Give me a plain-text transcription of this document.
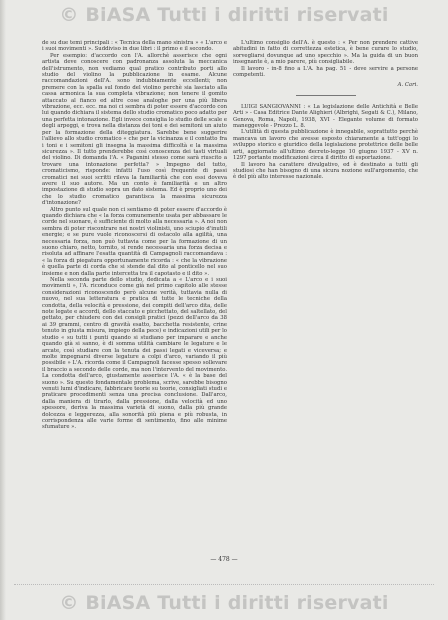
© BiASA Tutti i diritti riservati

de su due temi principali : « Tecnica della mano sinistra » « L'arco e i suoi movimenti ». Suddiviso in due libri : il primo e il secondo.

Per esempio: d'accordo con l'A. allorchè asserisce che ogni artista deve conoscere con padronanza assoluta la meccanica dell'istrumento, non vediamo qual pratico contributo porti allo studio del violino la pubblicazione in esame. Alcune raccomandazioni dell'A. sono indubbiamente eccellenti; non premere con la spalla sul fondo del violino perchè sia lasciato alla cassa armonica la sua completa vibrazione; non tenere il gomito attaccato al fianco ed altre cose analoghe per una più libera vibrazione, ecc. ecc. ma noi ci sembra di poter essere d'accordo con lui quando dichiara il sistema dello studio cromatico poco adatto per una perfetta intonazione. Egli invece consiglia lo studio delle scale e degli arpeggi, e trova nella distanza dei toni e dei semitoni un aiuto per la formazione della diteggiatura. Sarebbe bene suggerire l'allievo allo studio cromatico « che per la vicinanza e il contatto fra i toni e i semitoni gli insegna la massima difficoltà e la massima sicurezza ». Il tutto prenderebbe così conoscenza dei tasti virtuali del violino. Di domanda l'A. « Paganini stesso come sarà riuscito a trovare una intonazione perfetta? » Impegno del tutto, cromaticismo, risponde: infatti l'uso così frequente di passi cromatici nei suoi scritti rileva la familiarità che con essi doveva avere il suo autore. Ma un conto è familiarità e un altro impostazione di studio sopra un dato sistema. Ed è proprio uno dei che lo studio cromatico garantisca la massima sicurezza d'intonazione?

Altro punto sul quale non ci sentiamo di poter essere d'accordo è quando dichiara che « la forza comunemente usata per abbassare le corde nel suonare, è sufficiente di molto alla necessaria ». A noi non sembra di poter riscontrare nei nostri violinisti, uno sciupio d'inutili energie; e se pure vuole riconoscersi di ostacolo alla agilità, una necessaria forza, non può tuttavia come per la formazione di un suono chiaro, netto, tornito, si rende necessaria una forza decisa e risoluta ad affinare l'esatta quantità di Campagnoli raccomandava : « la forza di piegatura opportunamente ricorda : « che la vibrazione è quella parte di corda che si stende dal dito al ponticello nel suo insieme e non dalla parte intercetta tra il capotasto e il dito ».

Nella seconda parte dello studio, dedicata a « L'arco e i suoi movimenti », l'A. riconduce come già nel primo capitolo alle stesse considerazioni riconoscendo però alcune verità, tuttavia nulla di nuovo, nel sua letteratura e pratica di tutte le tecniche della condotta, della velocità e pressione, dei compiti dell'arco dita, delle note legate e accordi, dello staccato e picchettato, del saltellato, del gettato, per chiudere con dei consigli pratici (pezzi dell'arco da 38 ai 39 grammi, centro di gravità esatto, bacchetta resistente, crine tenuto in giusta misura, impiego della pece) e indicazioni utili per lo studio « su tutti i punti quando si studiano per imparare e anche quando già si sanno, è di somma utilità cambiare le legature e le arcate, così studiare con la tenuta dei passi legati e viceversa; e molte impegnarsi diverse legature a colpi d'arco, variando il più possibile » L'A. ricorda come il Campagnoli facesse spesso sollevare il braccio a secondo delle corde, ma non l'intervento del movimento. La condotta dell'arco, giustamente asserisce l'A. « è la base del suono ». Su questo fondamentale problema, scrive, sarebbe bisogno venuti lumi d'indicare, fabbricare teorie su teorie, consigliati studi e praticare procedimenti senza una precisa conclusione. Dall'arco, dalla maniera di tirarlo, dalla pressione, dalla velocità ed uno spessore, deriva la massima varietà di suono, dalla più grande dolcezza e leggerezza, alla sonorità più piena e più robusta, in corrispondenza alle varie forme di sentimento, fino alle minime sfumature ».

L'ultimo consiglio dell'A. è questo : « Per non prendere cattive abitudini in fatto di correttezza estetica, è bene curare lo studio, sorvegliarsi dovunque ad uno specchio ». Ma la guida di un buon insegnante è, a mio parere, più consigliabile.

Il lavoro - in-8 fino a L'A. ha pag. 51 - deve servire a persone competenti.

A. Cari.

LUIGI SANGIOVANNI : « La legislazione delle Antichità e Belle Arti » - Casa Editrice Dante Alighieri (Albrighi, Segati & C.), Milano, Genova, Roma, Napoli, 1938, XVI - Elegante volume di formato maneggevole - Prezzo L. 8.

L'utilità di questa pubblicazione è innegabile, soprattutto perchè mancava un lavoro che avesse esposto chiaramente a tutt'oggi lo sviluppo storico e giuridico della legislazione protettrice delle belle arti, aggiornato all'ultimo decreto-legge 10 giugno 1937 - XV n. 1297 portante modificazioni circa il diritto di esportazione.

Il lavoro ha carattere divulgativo, ed è destinato a tutti gli studiosi che han bisogno di una sicura nozione sull'argomento, che è del più alto interesse nazionale.

— 478 —
© BiASA Tutti i diritti riservati
